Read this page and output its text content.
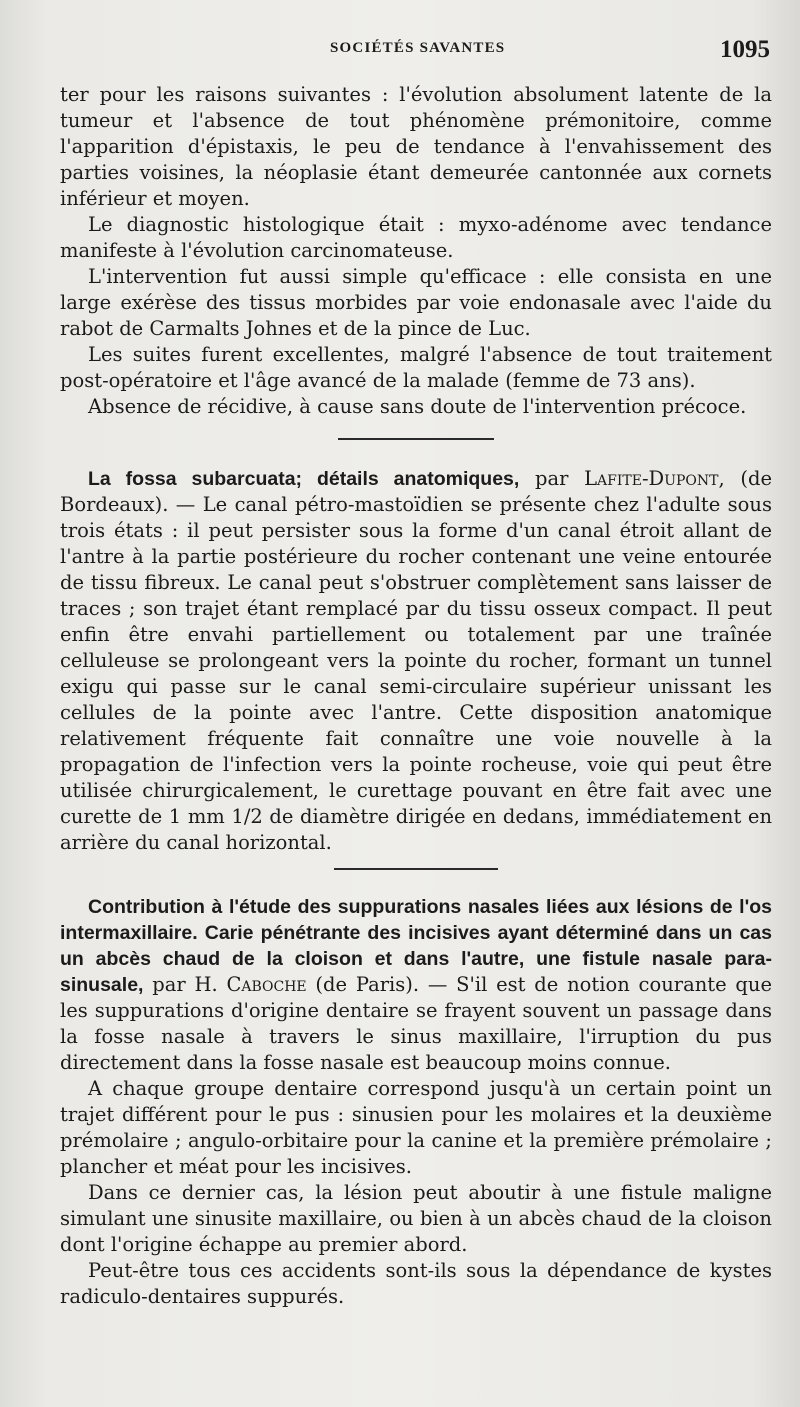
SOCIÉTÉS SAVANTES	1095

ter pour les raisons suivantes : l'évolution absolument latente de la tumeur et l'absence de tout phénomène prémonitoire, comme l'apparition d'épistaxis, le peu de tendance à l'envahissement des parties voisines, la néoplasie étant demeurée cantonnée aux cornets inférieur et moyen.

Le diagnostic histologique était : myxo-adénome avec tendance manifeste à l'évolution carcinomateuse.

L'intervention fut aussi simple qu'efficace : elle consista en une large exérèse des tissus morbides par voie endonasale avec l'aide du rabot de Carmalts Johnes et de la pince de Luc.

Les suites furent excellentes, malgré l'absence de tout traitement post-opératoire et l'âge avancé de la malade (femme de 73 ans).

Absence de récidive, à cause sans doute de l'intervention précoce.

La fossa subarcuata; détails anatomiques, par Lafite-Dupont, (de Bordeaux). — Le canal pétro-mastoïdien se présente chez l'adulte sous trois états : il peut persister sous la forme d'un canal étroit allant de l'antre à la partie postérieure du rocher contenant une veine entourée de tissu fibreux. Le canal peut s'obstruer complètement sans laisser de traces ; son trajet étant remplacé par du tissu osseux compact. Il peut enfin être envahi partiellement ou totalement par une traînée celluleuse se prolongeant vers la pointe du rocher, formant un tunnel exigu qui passe sur le canal semi-circulaire supérieur unissant les cellules de la pointe avec l'antre. Cette disposition anatomique relativement fréquente fait connaître une voie nouvelle à la propagation de l'infection vers la pointe rocheuse, voie qui peut être utilisée chirurgicalement, le curettage pouvant en être fait avec une curette de 1 mm 1/2 de diamètre dirigée en dedans, immédiatement en arrière du canal horizontal.

Contribution à l'étude des suppurations nasales liées aux lésions de l'os intermaxillaire. Carie pénétrante des incisives ayant déterminé dans un cas un abcès chaud de la cloison et dans l'autre, une fistule nasale para-sinusale, par H. Caboche (de Paris). — S'il est de notion courante que les suppurations d'origine dentaire se frayent souvent un passage dans la fosse nasale à travers le sinus maxillaire, l'irruption du pus directement dans la fosse nasale est beaucoup moins connue.

A chaque groupe dentaire correspond jusqu'à un certain point un trajet différent pour le pus : sinusien pour les molaires et la deuxième prémolaire ; angulo-orbitaire pour la canine et la première prémolaire ; plancher et méat pour les incisives.

Dans ce dernier cas, la lésion peut aboutir à une fistule maligne simulant une sinusite maxillaire, ou bien à un abcès chaud de la cloison dont l'origine échappe au premier abord.

Peut-être tous ces accidents sont-ils sous la dépendance de kystes radiculo-dentaires suppurés.
